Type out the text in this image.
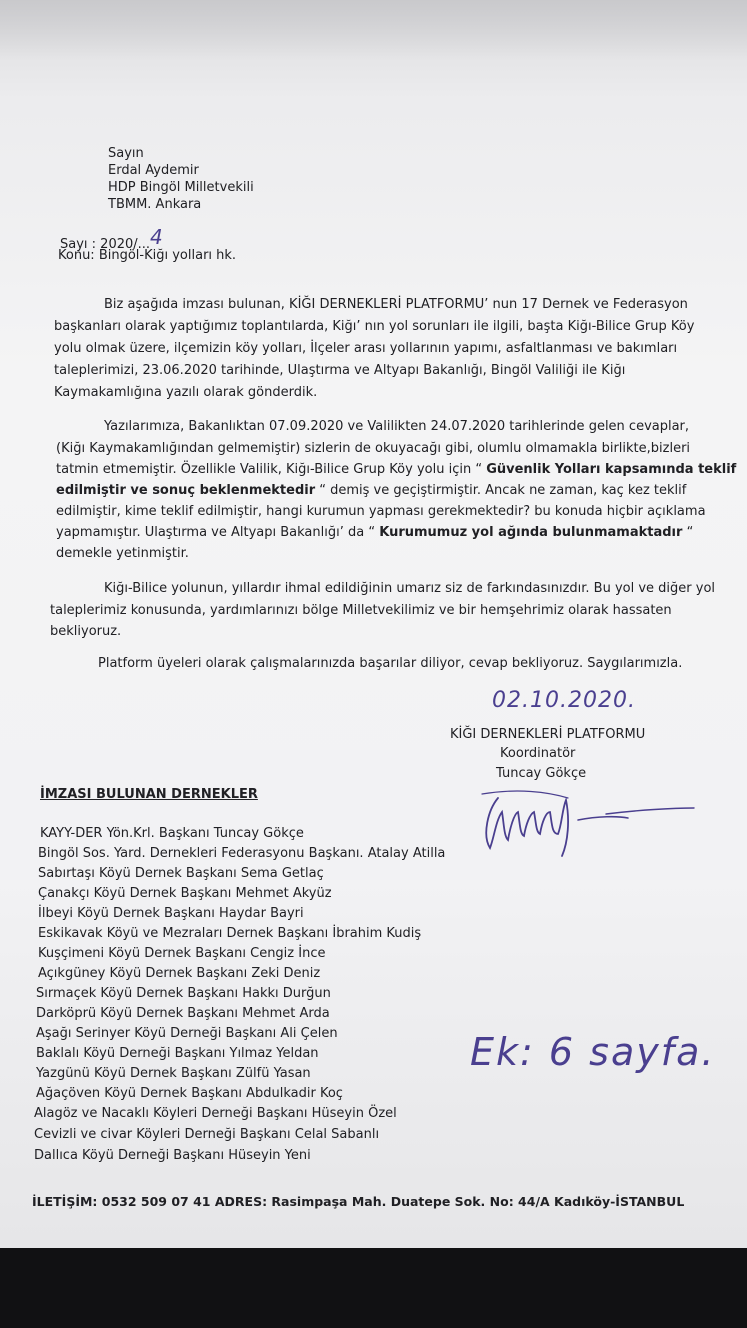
Sayın
Erdal Aydemir
HDP Bingöl Milletvekili
TBMM. Ankara
Sayı : 2020/...4
Konu: Bingöl-Kiğı yolları hk.
Biz aşağıda imzası bulunan, KİĞI DERNEKLERİ PLATFORMU’ nun 17 Dernek ve Federasyon
başkanları olarak yaptığımız toplantılarda, Kiğı’ nın yol sorunları ile ilgili, başta Kiğı-Bilice Grup Köy
yolu olmak üzere, ilçemizin köy yolları, İlçeler arası yollarının yapımı, asfaltlanması ve bakımları
taleplerimizi, 23.06.2020 tarihinde, Ulaştırma ve Altyapı Bakanlığı, Bingöl Valiliği ile Kiğı
Kaymakamlığına yazılı olarak gönderdik.
Yazılarımıza, Bakanlıktan 07.09.2020 ve Valilikten 24.07.2020 tarihlerinde gelen cevaplar,
(Kiğı Kaymakamlığından gelmemiştir) sizlerin de okuyacağı gibi, olumlu olmamakla birlikte,bizleri
tatmin etmemiştir. Özellikle Valilik, Kiğı-Bilice Grup Köy yolu için “ Güvenlik Yolları kapsamında teklif
edilmiştir ve sonuç beklenmektedir “ demiş ve geçiştirmiştir. Ancak ne zaman, kaç kez teklif
edilmiştir, kime teklif edilmiştir, hangi kurumun yapması gerekmektedir? bu konuda hiçbir açıklama
yapmamıştır. Ulaştırma ve Altyapı Bakanlığı’ da “ Kurumumuz yol ağında bulunmamaktadır “
demekle yetinmiştir.
Kiğı-Bilice yolunun, yıllardır ihmal edildiğinin umarız siz de farkındasınızdır. Bu yol ve diğer yol
taleplerimiz konusunda, yardımlarınızı bölge Milletvekilimiz ve bir hemşehrimiz olarak hassaten
bekliyoruz.
Platform üyeleri olarak çalışmalarınızda başarılar diliyor, cevap bekliyoruz. Saygılarımızla.
02.10.2020.
KİĞI DERNEKLERİ PLATFORMU
Koordinatör
Tuncay Gökçe
İMZASI BULUNAN DERNEKLER
KAYY-DER Yön.Krl. Başkanı Tuncay Gökçe
Bingöl Sos. Yard. Dernekleri Federasyonu Başkanı. Atalay Atilla
Sabırtaşı Köyü Dernek Başkanı Sema Getlaç
Çanakçı Köyü Dernek Başkanı Mehmet Akyüz
İlbeyi Köyü Dernek Başkanı Haydar Bayri
Eskikavak Köyü ve Mezraları Dernek Başkanı İbrahim Kudiş
Kuşçimeni Köyü Dernek Başkanı Cengiz İnce
Açıkgüney Köyü Dernek Başkanı Zeki Deniz
Sırmaçek Köyü Dernek Başkanı Hakkı Durğun
Darköprü Köyü Dernek Başkanı Mehmet Arda
Aşağı Serinyer Köyü Derneği Başkanı Ali Çelen
Baklalı Köyü Derneği Başkanı Yılmaz Yeldan
Yazgünü Köyü Dernek Başkanı Zülfü Yasan
Ağaçöven Köyü Dernek Başkanı Abdulkadir Koç
Alagöz ve Nacaklı Köyleri Derneği Başkanı Hüseyin Özel
Cevizli ve civar Köyleri Derneği Başkanı Celal Sabanlı
Dallıca Köyü Derneği Başkanı Hüseyin Yeni
Ek: 6 sayfa.
İLETİŞİM: 0532 509 07 41 ADRES: Rasimpaşa Mah. Duatepe Sok. No: 44/A Kadıköy-İSTANBUL
